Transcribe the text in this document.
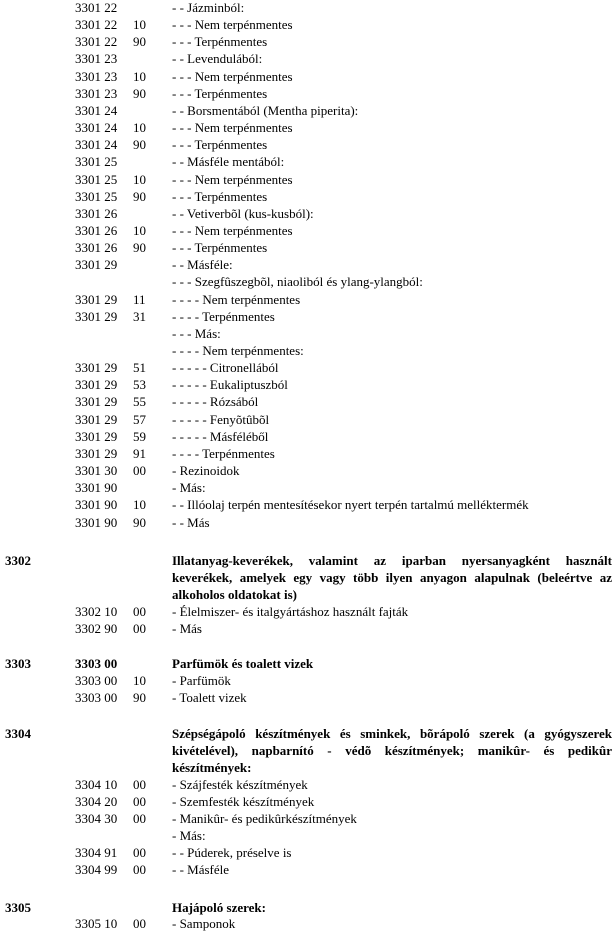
3301 22	- - Jázminból:
3301 22 10 - - - Nem terpénmentes
3301 22 90 - - - Terpénmentes
3301 23	- - Levendulából:
3301 23 10 - - - Nem terpénmentes
3301 23 90 - - - Terpénmentes
3301 24	- - Borsmentából (Mentha piperita):
3301 24 10 - - - Nem terpénmentes
3301 24 90 - - - Terpénmentes
3301 25	- - Másféle mentából:
3301 25 10 - - - Nem terpénmentes
3301 25 90 - - - Terpénmentes
3301 26	- - Vetiverbõl (kus-kusból):
3301 26 10 - - - Nem terpénmentes
3301 26 90 - - - Terpénmentes
3301 29	- - Másféle:
- - - Szegfûszegbõl, niaoliból és ylang-ylangból:
3301 29 11 - - - - Nem terpénmentes
3301 29 31 - - - - Terpénmentes
- - - Más:
- - - - Nem terpénmentes:
3301 29 51 - - - - - Citronellából
3301 29 53 - - - - - Eukaliptuszból
3301 29 55 - - - - - Rózsából
3301 29 57 - - - - - Fenyõtûbõl
3301 29 59 - - - - - Másféléből
3301 29 91 - - - - Terpénmentes
3301 30 00 - Rezinoidok
3301 90	- Más:
3301 90 10 - - Illóolaj terpén mentesítésekor nyert terpén tartalmú melléktermék
3301 90 90 - - Más
3302	Illatanyag-keverékek, valamint az iparban nyersanyagként használt keverékek, amelyek egy vagy több ilyen anyagon alapulnak (beleértve az alkoholos oldatokat is)
3302 10 00 - Élelmiszer- és italgyártáshoz használt fajták
3302 90 00 - Más
3303	3303 00	Parfümök és toalett vizek
3303 00 10 - Parfümök
3303 00 90 - Toalett vizek
3304	Szépségápoló készítmények és sminkek, bõrápoló szerek (a gyógyszerek kivételével), napbarnító - védõ készítmények; manikûr- és pedikûr készítmények:
3304 10 00 - Szájfesték készítmények
3304 20 00 - Szemfesték készítmények
3304 30 00 - Manikûr- és pedikûrkészítmények
- Más:
3304 91 00 - - Púderek, préselve is
3304 99 00 - - Másféle
3305	Hajápoló szerek:
3305 10 00 - Samponok
